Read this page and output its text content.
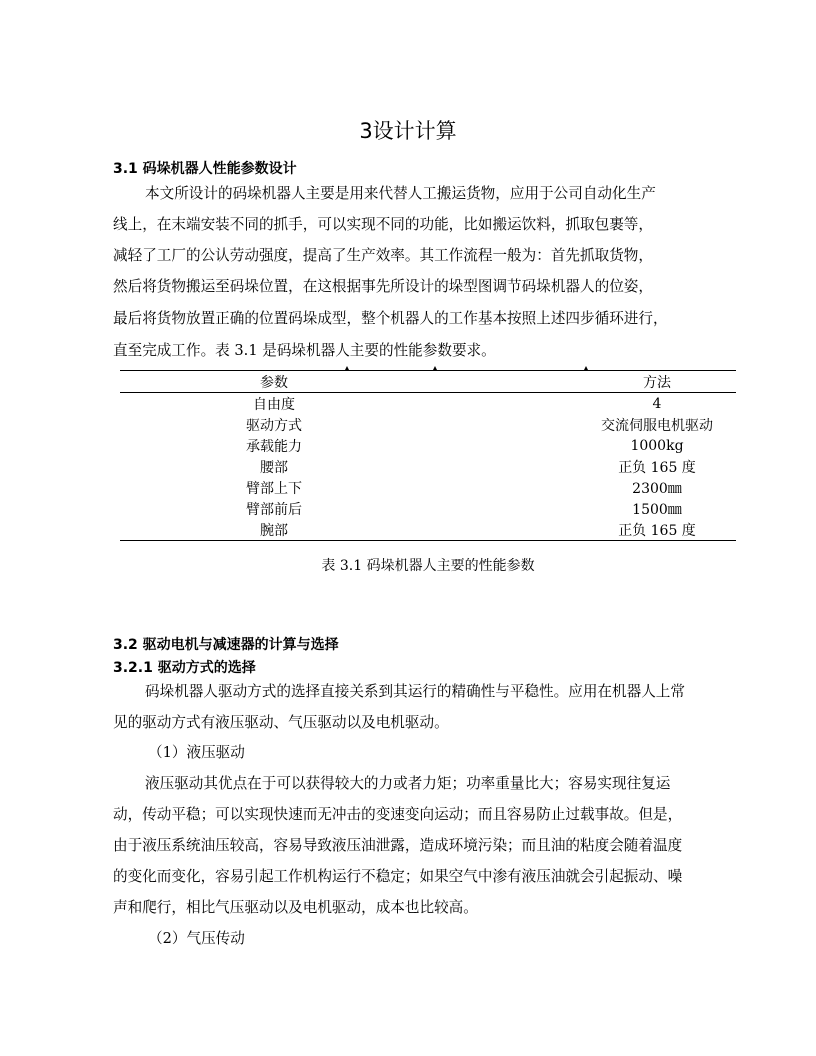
3设计计算
3.1 码垛机器人性能参数设计
本文所设计的码垛机器人主要是用来代替人工搬运货物，应用于公司自动化生产
线上，在末端安装不同的抓手，可以实现不同的功能，比如搬运饮料，抓取包裹等，
减轻了工厂的公认劳动强度，提高了生产效率。其工作流程一般为：首先抓取货物，
然后将货物搬运至码垛位置，在这根据事先所设计的垛型图调节码垛机器人的位姿，
最后将货物放置正确的位置码垛成型，整个机器人的工作基本按照上述四步循环进行，
直至完成工作。表 3.1 是码垛机器人主要的性能参数要求。
参数	方法
自由度	4
驱动方式	交流伺服电机驱动
承载能力	1000kg
腰部	正负 165 度
臂部上下	2300㎜
臂部前后	1500㎜
腕部	正负 165 度
表 3.1 码垛机器人主要的性能参数
3.2 驱动电机与减速器的计算与选择
3.2.1 驱动方式的选择
码垛机器人驱动方式的选择直接关系到其运行的精确性与平稳性。应用在机器人上常
见的驱动方式有液压驱动、气压驱动以及电机驱动。
（1）液压驱动
液压驱动其优点在于可以获得较大的力或者力矩；功率重量比大；容易实现往复运
动，传动平稳；可以实现快速而无冲击的变速变向运动；而且容易防止过载事故。但是，
由于液压系统油压较高，容易导致液压油泄露，造成环境污染；而且油的粘度会随着温度
的变化而变化，容易引起工作机构运行不稳定；如果空气中渗有液压油就会引起振动、噪
声和爬行，相比气压驱动以及电机驱动，成本也比较高。
（2）气压传动
